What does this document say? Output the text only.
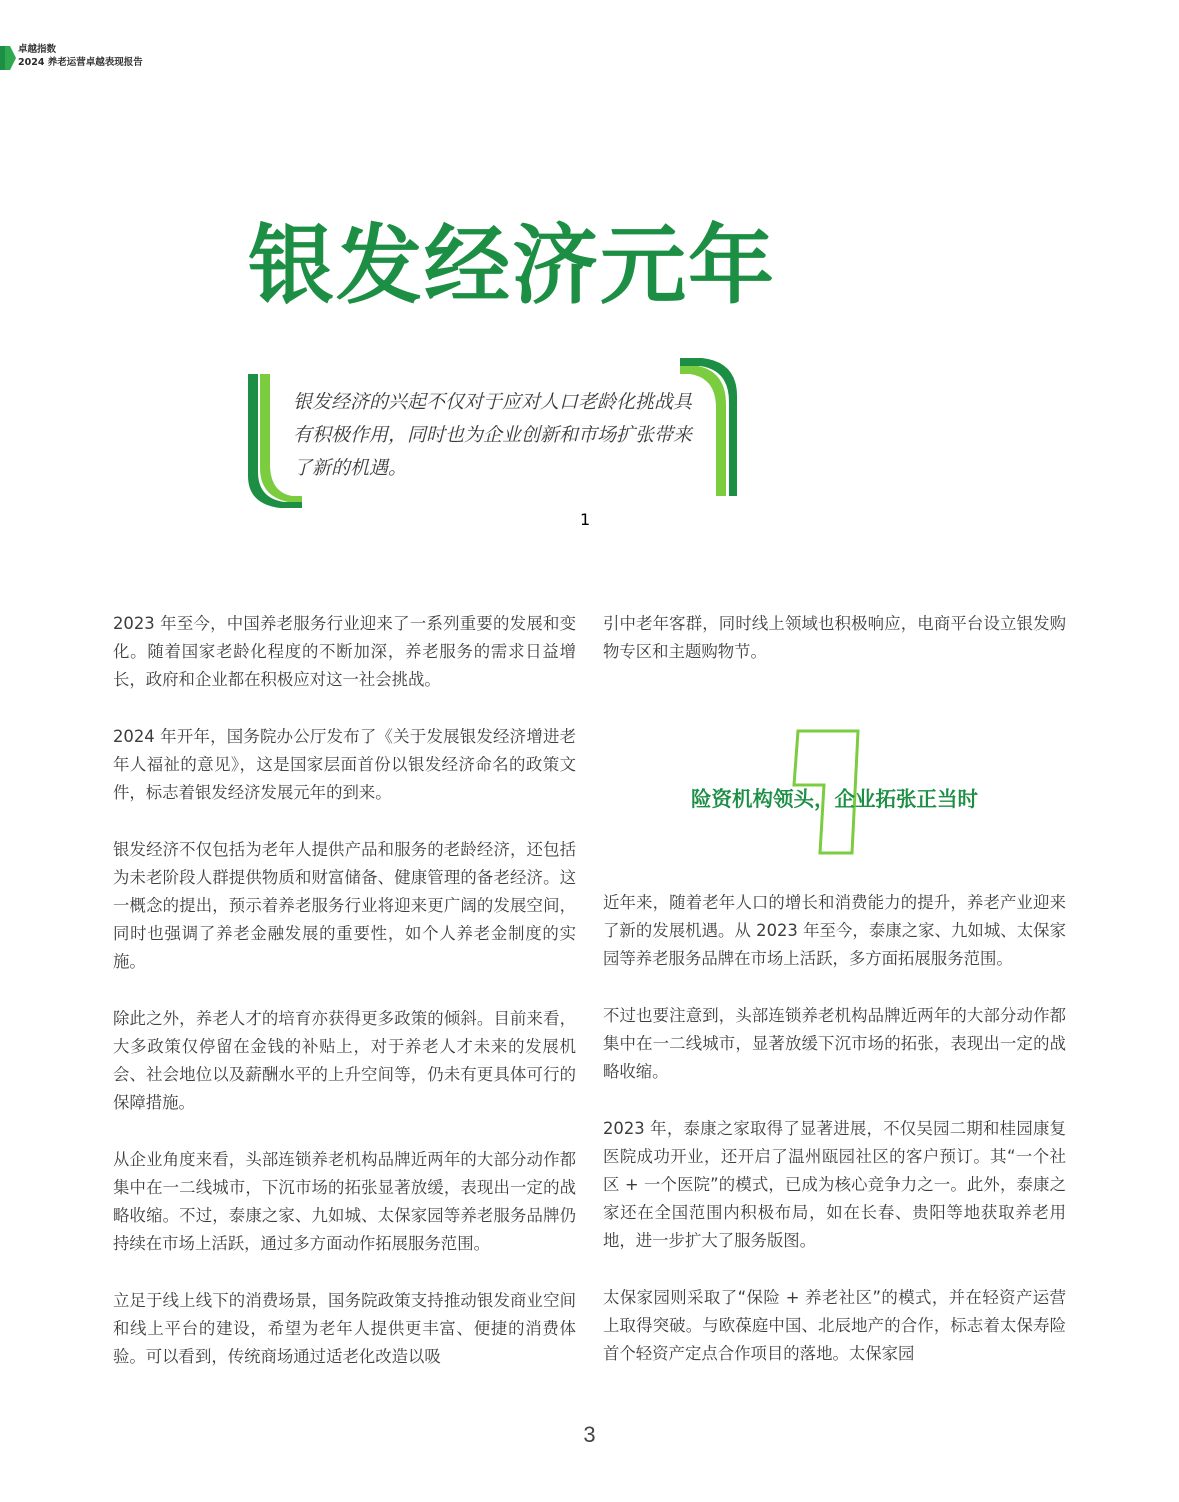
卓越指数
2024 养老运营卓越表现报告
银发经济元年
银发经济的兴起不仅对于应对人口老龄化挑战具有积极作用，同时也为企业创新和市场扩张带来了新的机遇。

2023 年至今，中国养老服务行业迎来了一系列重要的发展和变化。随着国家老龄化程度的不断加深，养老服务的需求日益增长，政府和企业都在积极应对这一社会挑战。

2024 年开年，国务院办公厅发布了《关于发展银发经济增进老年人福祉的意见》，这是国家层面首份以银发经济命名的政策文件，标志着银发经济发展元年的到来。

银发经济不仅包括为老年人提供产品和服务的老龄经济，还包括为未老阶段人群提供物质和财富储备、健康管理的备老经济。这一概念的提出，预示着养老服务行业将迎来更广阔的发展空间，同时也强调了养老金融发展的重要性，如个人养老金制度的实施。

除此之外，养老人才的培育亦获得更多政策的倾斜。目前来看，大多政策仅停留在金钱的补贴上，对于养老人才未来的发展机会、社会地位以及薪酬水平的上升空间等，仍未有更具体可行的保障措施。

从企业角度来看，头部连锁养老机构品牌近两年的大部分动作都集中在一二线城市，下沉市场的拓张显著放缓，表现出一定的战略收缩。不过，泰康之家、九如城、太保家园等养老服务品牌仍持续在市场上活跃，通过多方面动作拓展服务范围。

立足于线上线下的消费场景，国务院政策支持推动银发商业空间和线上平台的建设，希望为老年人提供更丰富、便捷的消费体验。可以看到，传统商场通过适老化改造以吸

引中老年客群，同时线上领域也积极响应，电商平台设立银发购物专区和主题购物节。

1
险资机构领头，企业拓张正当时

近年来，随着老年人口的增长和消费能力的提升，养老产业迎来了新的发展机遇。从 2023 年至今，泰康之家、九如城、太保家园等养老服务品牌在市场上活跃，多方面拓展服务范围。

不过也要注意到，头部连锁养老机构品牌近两年的大部分动作都集中在一二线城市，显著放缓下沉市场的拓张，表现出一定的战略收缩。

2023 年，泰康之家取得了显著进展，不仅吴园二期和桂园康复医院成功开业，还开启了温州瓯园社区的客户预订。其“一个社区 + 一个医院”的模式，已成为核心竞争力之一。此外，泰康之家还在全国范围内积极布局，如在长春、贵阳等地获取养老用地，进一步扩大了服务版图。

太保家园则采取了“保险 + 养老社区”的模式，并在轻资产运营上取得突破。与欧葆庭中国、北辰地产的合作，标志着太保寿险首个轻资产定点合作项目的落地。太保家园

3
